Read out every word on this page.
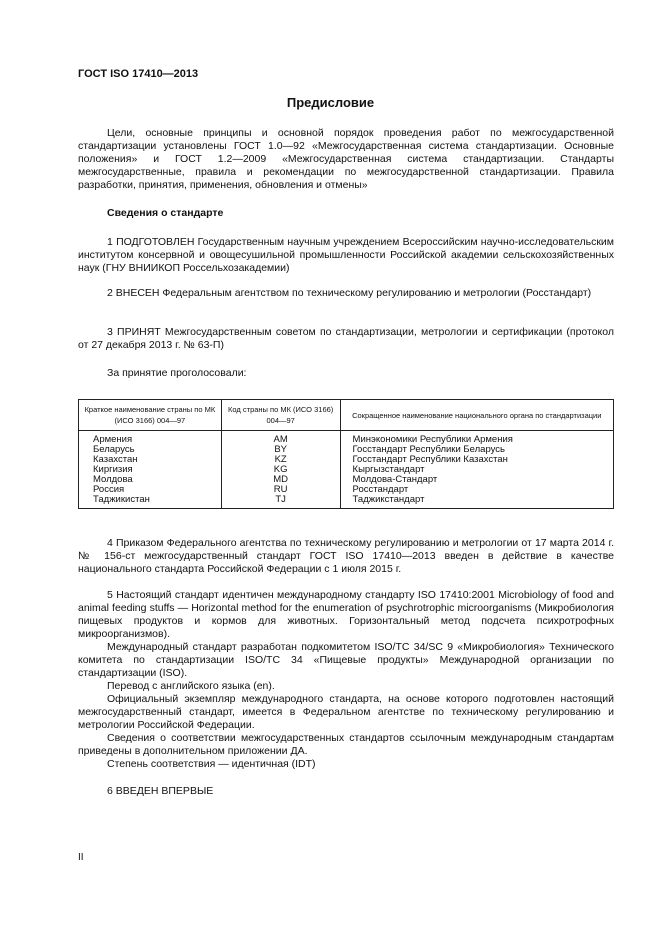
ГОСТ ISO 17410—2013
Предисловие

Цели, основные принципы и основной порядок проведения работ по межгосударственной стандартизации установлены ГОСТ 1.0—92 «Межгосударственная система стандартизации. Основные положения» и ГОСТ 1.2—2009 «Межгосударственная система стандартизации. Стандарты межгосударственные, правила и рекомендации по межгосударственной стандартизации. Правила разработки, принятия, применения, обновления и отмены»

Сведения о стандарте

1 ПОДГОТОВЛЕН Государственным научным учреждением Всероссийским научно-исследовательским институтом консервной и овощесушильной промышленности Российской академии сельскохозяйственных наук (ГНУ ВНИИКОП Россельхозакадемии)

2 ВНЕСЕН Федеральным агентством по техническому регулированию и метрологии (Росстандарт)

3 ПРИНЯТ Межгосударственным советом по стандартизации, метрологии и сертификации (протокол от 27 декабря 2013 г. № 63-П)

За принятие проголосовали:

Краткое наименование страны по МК (ИСО 3166) 004—97	Код страны по МК (ИСО 3166) 004—97	Сокращенное наименование национального органа по стандартизации
Армения	AM	Минэкономики Республики Армения
Беларусь	BY	Госстандарт Республики Беларусь
Казахстан	KZ	Госстандарт Республики Казахстан
Киргизия	KG	Кыргызстандарт
Молдова	MD	Молдова-Стандарт
Россия	RU	Росстандарт
Таджикистан	TJ	Таджикстандарт

4 Приказом Федерального агентства по техническому регулированию и метрологии от 17 марта 2014 г. № 156-ст межгосударственный стандарт ГОСТ ISO 17410—2013 введен в действие в качестве национального стандарта Российской Федерации с 1 июля 2015 г.

5 Настоящий стандарт идентичен международному стандарту ISO 17410:2001 Microbiology of food and animal feeding stuffs — Horizontal method for the enumeration of psychrotrophic microorganisms (Микробиология пищевых продуктов и кормов для животных. Горизонтальный метод подсчета психротрофных микроорганизмов).

Международный стандарт разработан подкомитетом ISO/TC 34/SC 9 «Микробиология» Технического комитета по стандартизации ISO/TC 34 «Пищевые продукты» Международной организации по стандартизации (ISO).

Перевод с английского языка (en).

Официальный экземпляр международного стандарта, на основе которого подготовлен настоящий межгосударственный стандарт, имеется в Федеральном агентстве по техническому регулированию и метрологии Российской Федерации.

Сведения о соответствии межгосударственных стандартов ссылочным международным стандартам приведены в дополнительном приложении ДА.

Степень соответствия — идентичная (IDT)

6 ВВЕДЕН ВПЕРВЫЕ

II
